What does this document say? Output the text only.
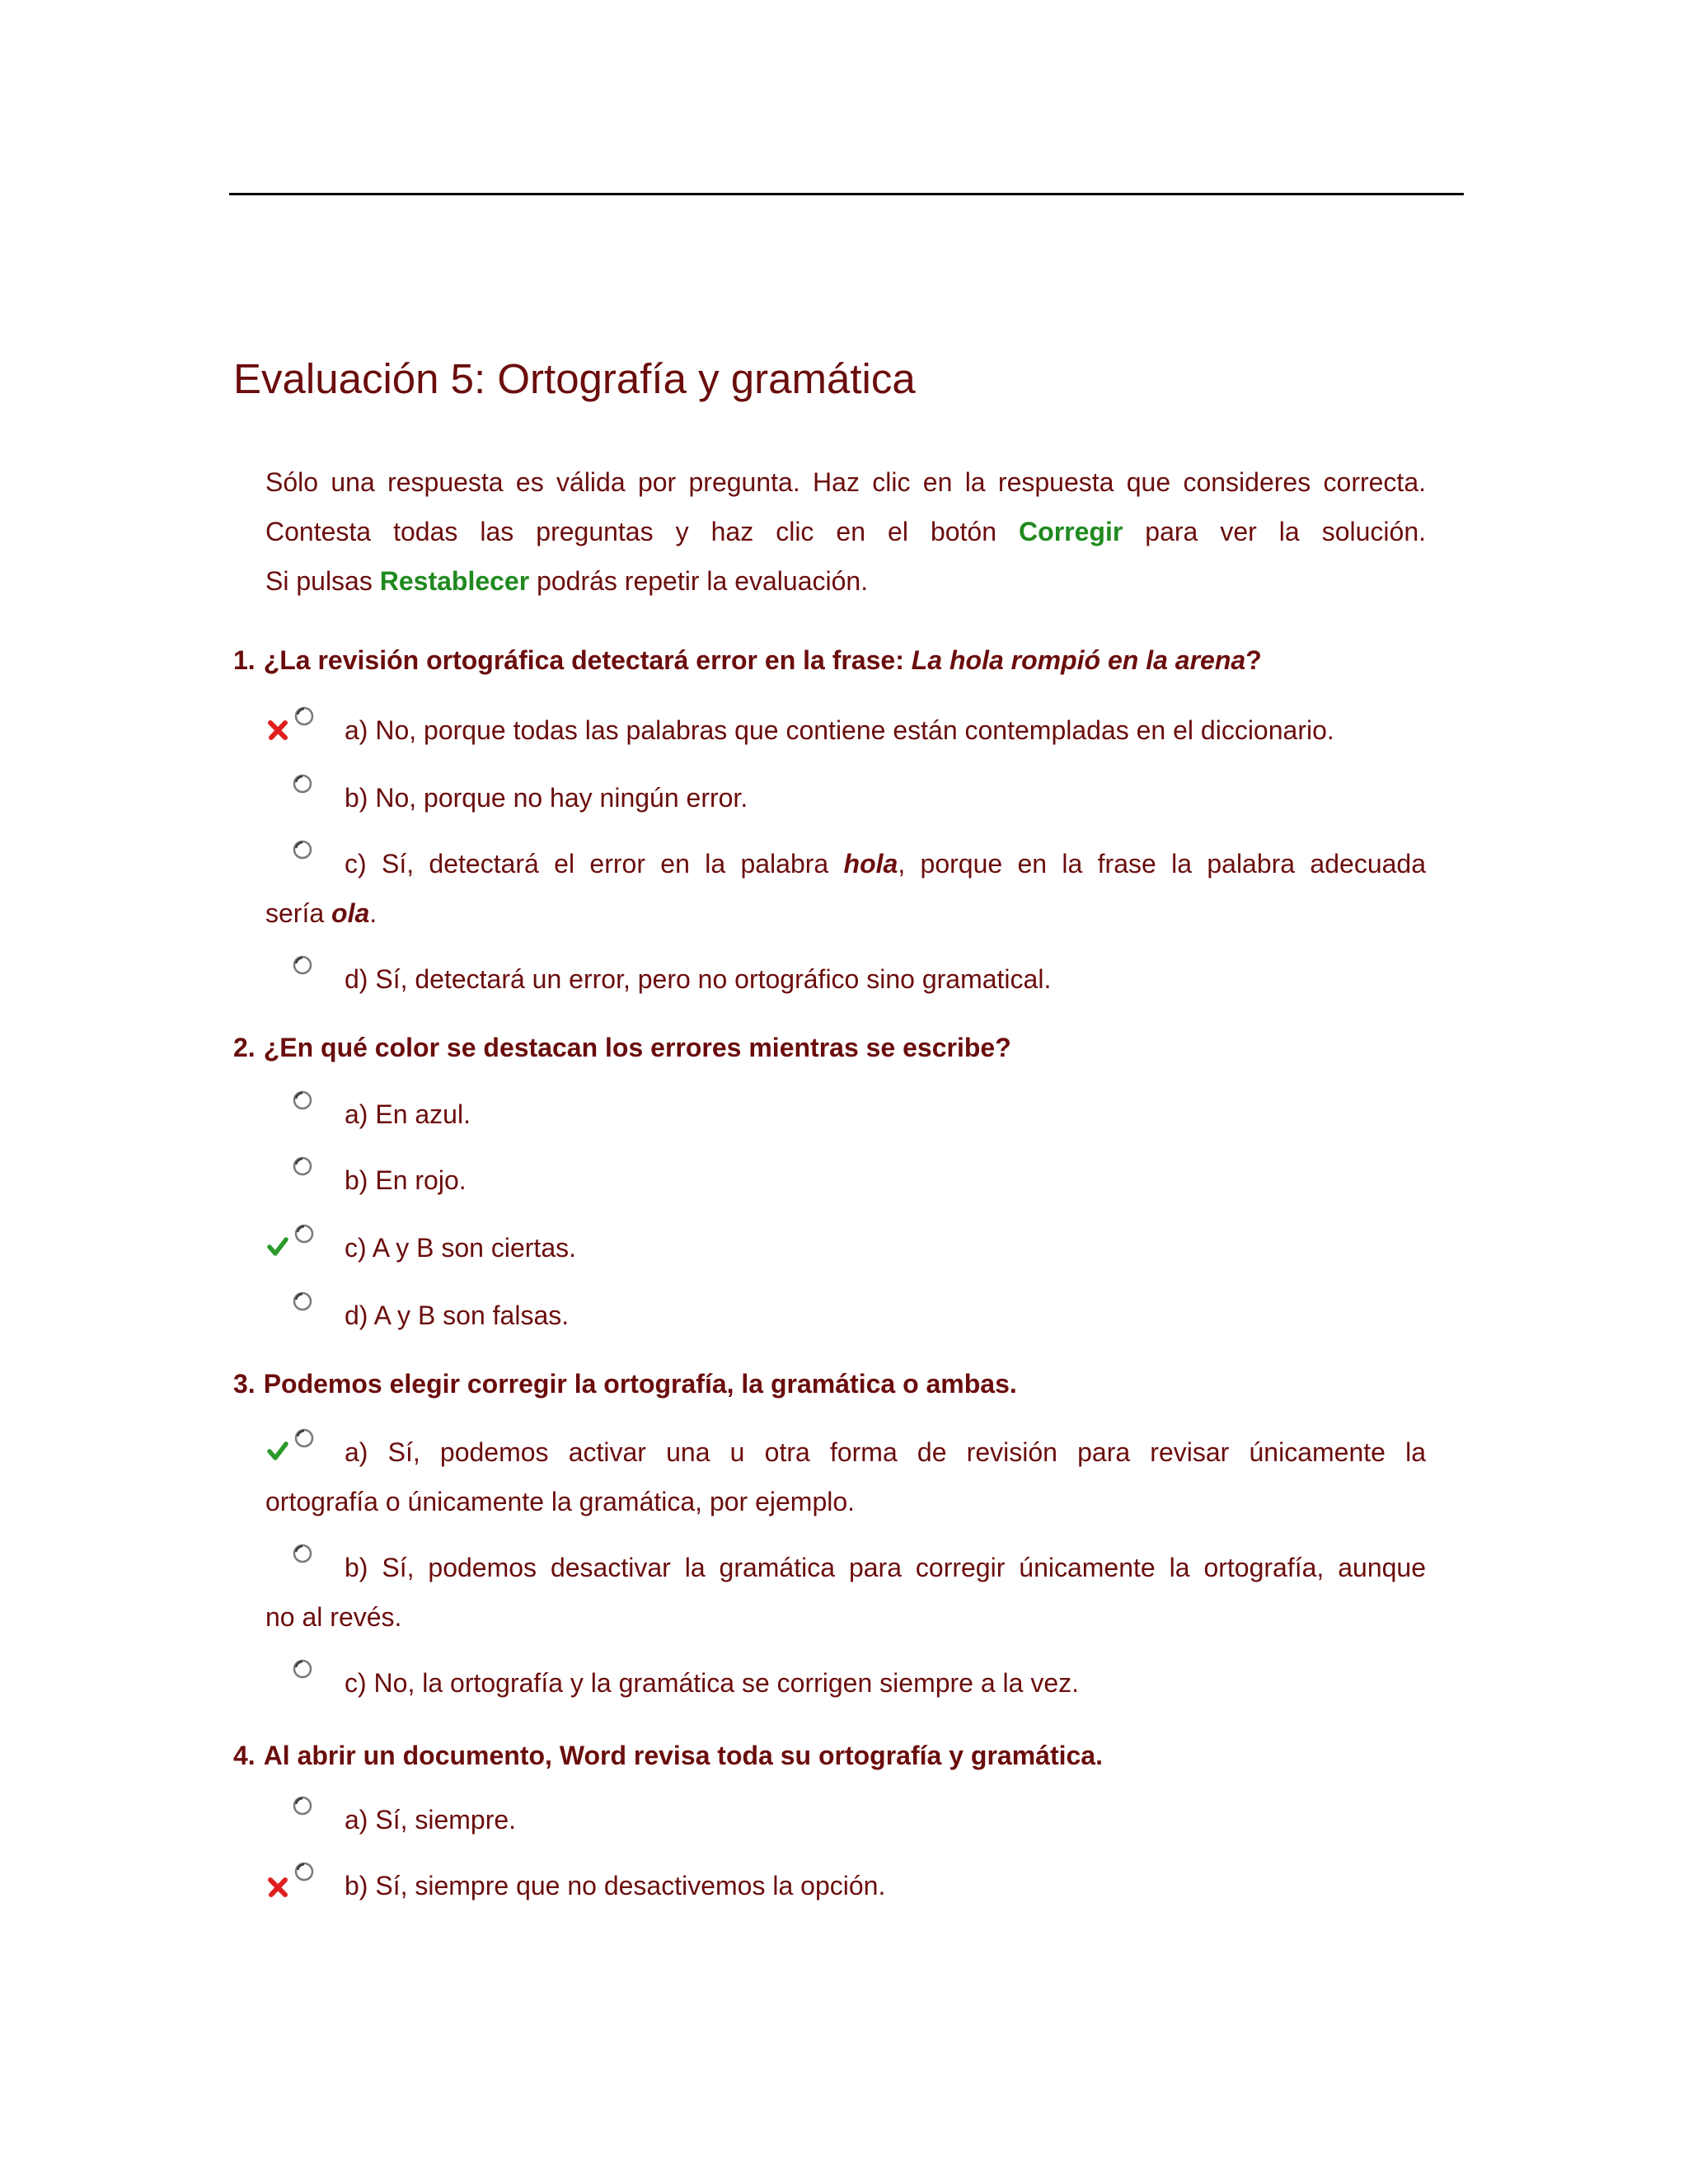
Evaluación 5: Ortografía y gramática
Sólo una respuesta es válida por pregunta. Haz clic en la respuesta que consideres correcta.
Contesta todas las preguntas y haz clic en el botón Corregir para ver la solución.
Si pulsas Restablecer podrás repetir la evaluación.
1. ¿La revisión ortográfica detectará error en la frase: La hola rompió en la arena?
a) No, porque todas las palabras que contiene están contempladas en el diccionario.
b) No, porque no hay ningún error.
c) Sí, detectará el error en la palabra hola, porque en la frase la palabra adecuada
sería ola.
d) Sí, detectará un error, pero no ortográfico sino gramatical.
2. ¿En qué color se destacan los errores mientras se escribe?
a) En azul.
b) En rojo.
c) A y B son ciertas.
d) A y B son falsas.
3. Podemos elegir corregir la ortografía, la gramática o ambas.
a) Sí, podemos activar una u otra forma de revisión para revisar únicamente la
ortografía o únicamente la gramática, por ejemplo.
b) Sí, podemos desactivar la gramática para corregir únicamente la ortografía, aunque
no al revés.
c) No, la ortografía y la gramática se corrigen siempre a la vez.
4. Al abrir un documento, Word revisa toda su ortografía y gramática.
a) Sí, siempre.
b) Sí, siempre que no desactivemos la opción.
